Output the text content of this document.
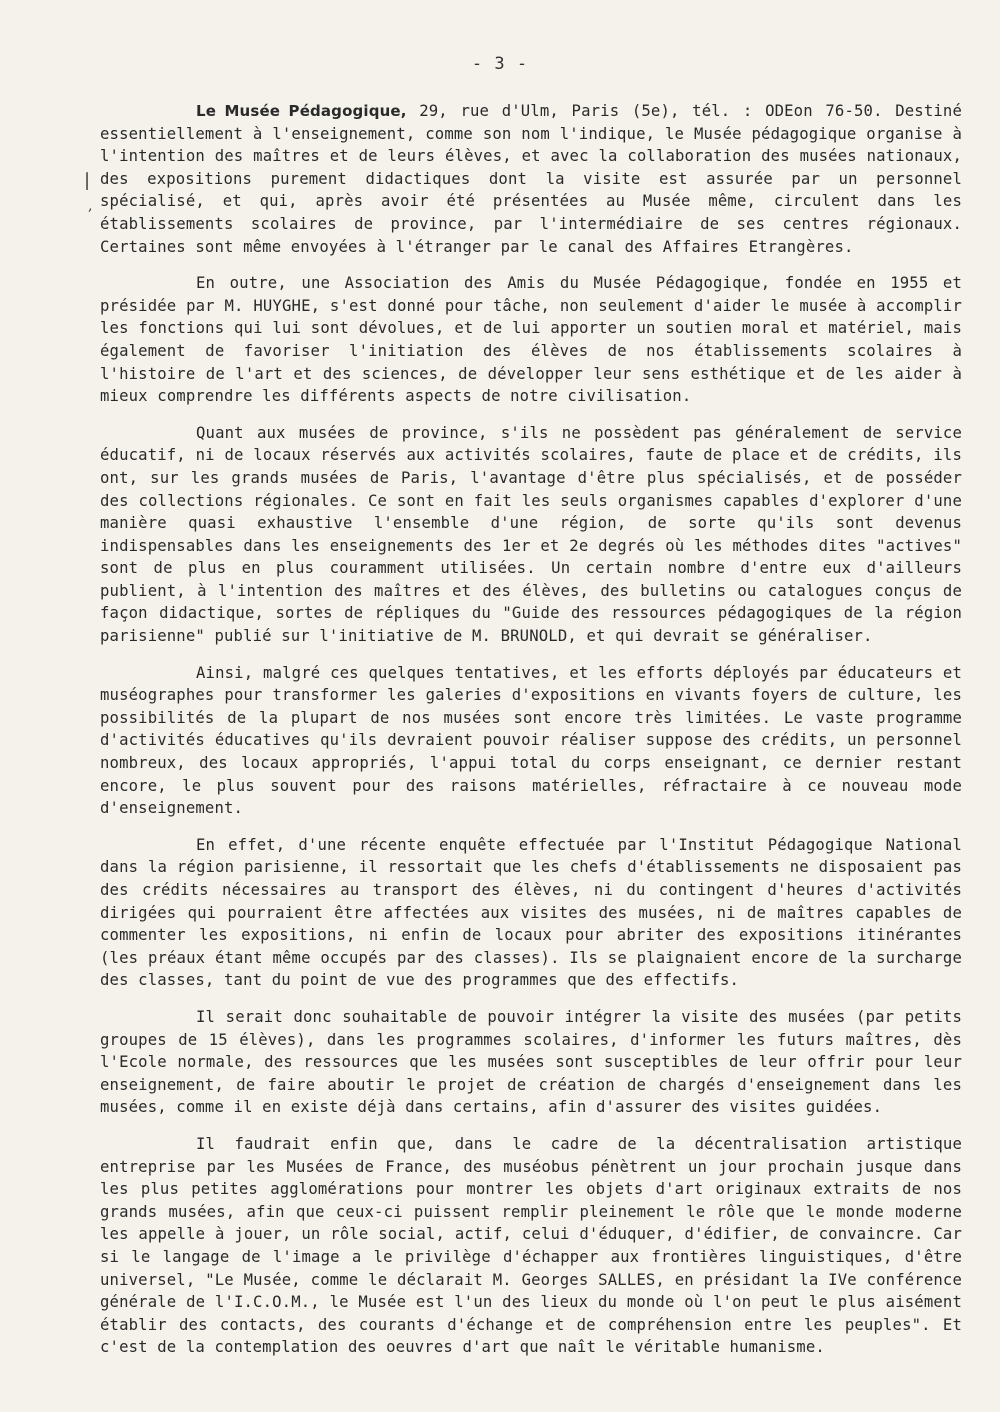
- 3 -
|
,

Le Musée Pédagogique, 29, rue d'Ulm, Paris (5e), tél. : ODEon 76-50. Destiné essentiellement à l'enseignement, comme son nom l'indique, le Musée pédagogique organise à l'intention des maîtres et de leurs élèves, et avec la collaboration des musées nationaux, des expositions purement didactiques dont la visite est assurée par un personnel spécialisé, et qui, après avoir été présentées au Musée même, circulent dans les établissements scolaires de province, par l'intermédiaire de ses centres régionaux. Certaines sont même envoyées à l'étranger par le canal des Affaires Etrangères.

En outre, une Association des Amis du Musée Pédagogique, fondée en 1955 et présidée par M. HUYGHE, s'est donné pour tâche, non seulement d'aider le musée à accomplir les fonctions qui lui sont dévolues, et de lui apporter un soutien moral et matériel, mais également de favoriser l'initiation des élèves de nos établissements scolaires à l'histoire de l'art et des sciences, de développer leur sens esthétique et de les aider à mieux comprendre les différents aspects de notre civilisation.

Quant aux musées de province, s'ils ne possèdent pas généralement de service éducatif, ni de locaux réservés aux activités scolaires, faute de place et de crédits, ils ont, sur les grands musées de Paris, l'avantage d'être plus spécialisés, et de posséder des collections régionales. Ce sont en fait les seuls organismes capables d'explorer d'une manière quasi exhaustive l'ensemble d'une région, de sorte qu'ils sont devenus indispensables dans les enseignements des 1er et 2e degrés où les méthodes dites "actives" sont de plus en plus couramment utilisées. Un certain nombre d'entre eux d'ailleurs publient, à l'intention des maîtres et des élèves, des bulletins ou catalogues conçus de façon didactique, sortes de répliques du "Guide des ressources pédagogiques de la région parisienne" publié sur l'initiative de M. BRUNOLD, et qui devrait se généraliser.

Ainsi, malgré ces quelques tentatives, et les efforts déployés par éducateurs et muséographes pour transformer les galeries d'expositions en vivants foyers de culture, les possibilités de la plupart de nos musées sont encore très limitées. Le vaste programme d'activités éducatives qu'ils devraient pouvoir réaliser suppose des crédits, un personnel nombreux, des locaux appropriés, l'appui total du corps enseignant, ce dernier restant encore, le plus souvent pour des raisons matérielles, réfractaire à ce nouveau mode d'enseignement.

En effet, d'une récente enquête effectuée par l'Institut Pédagogique National dans la région parisienne, il ressortait que les chefs d'établissements ne disposaient pas des crédits nécessaires au transport des élèves, ni du contingent d'heures d'activités dirigées qui pourraient être affectées aux visites des musées, ni de maîtres capables de commenter les expositions, ni enfin de locaux pour abriter des expositions itinérantes (les préaux étant même occupés par des classes). Ils se plaignaient encore de la surcharge des classes, tant du point de vue des programmes que des effectifs.

Il serait donc souhaitable de pouvoir intégrer la visite des musées (par petits groupes de 15 élèves), dans les programmes scolaires, d'informer les futurs maîtres, dès l'Ecole normale, des ressources que les musées sont susceptibles de leur offrir pour leur enseignement, de faire aboutir le projet de création de chargés d'enseignement dans les musées, comme il en existe déjà dans certains, afin d'assurer des visites guidées.

Il faudrait enfin que, dans le cadre de la décentralisation artistique entreprise par les Musées de France, des muséobus pénètrent un jour prochain jusque dans les plus petites agglomérations pour montrer les objets d'art originaux extraits de nos grands musées, afin que ceux-ci puissent remplir pleinement le rôle que le monde moderne les appelle à jouer, un rôle social, actif, celui d'éduquer, d'édifier, de convaincre. Car si le langage de l'image a le privilège d'échapper aux frontières linguistiques, d'être universel, "Le Musée, comme le déclarait M. Georges SALLES, en présidant la IVe conférence générale de l'I.C.O.M., le Musée est l'un des lieux du monde où l'on peut le plus aisément établir des contacts, des courants d'échange et de compréhension entre les peuples". Et c'est de la contemplation des oeuvres d'art que naît le véritable humanisme.
